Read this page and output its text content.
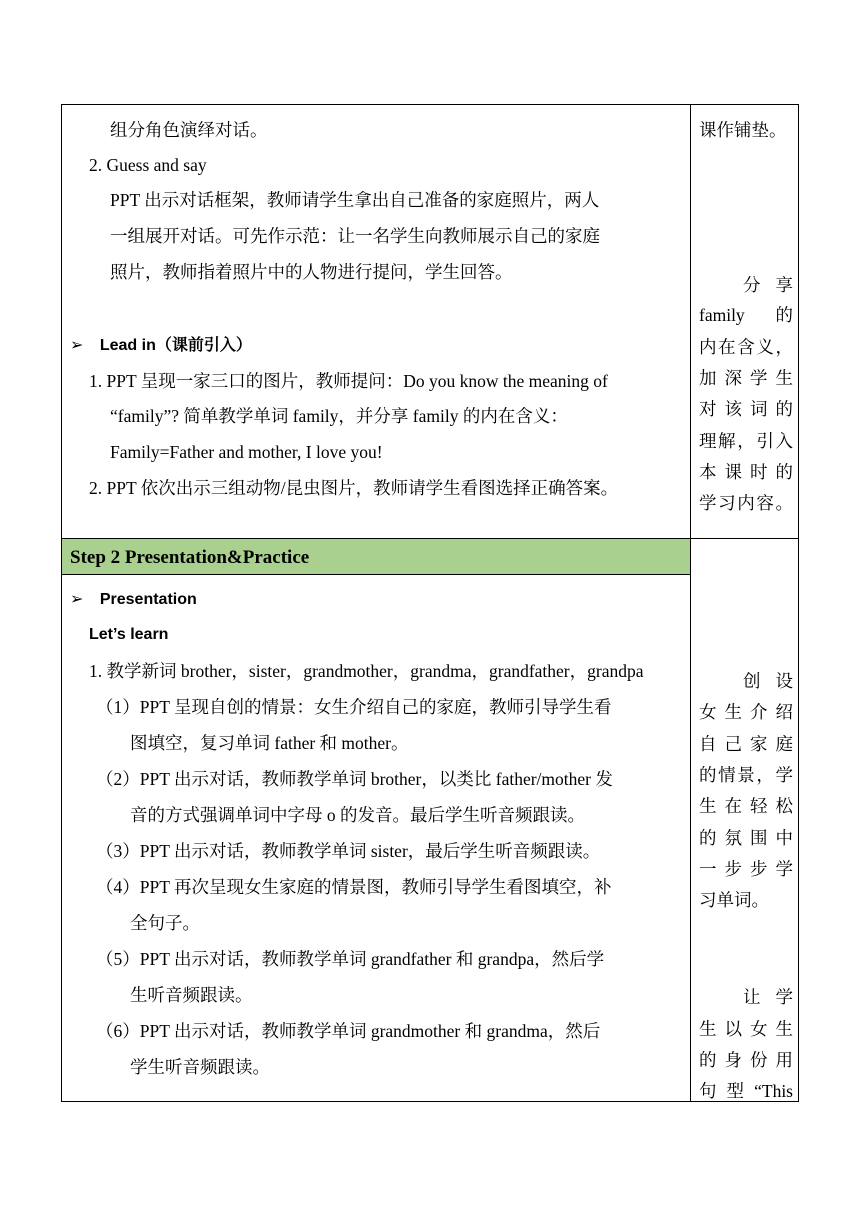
组分角色演绎对话。
2. Guess and say
PPT 出示对话框架，教师请学生拿出自己准备的家庭照片，两人
一组展开对话。可先作示范：让一名学生向教师展示自己的家庭
照片，教师指着照片中的人物进行提问，学生回答。
➢ Lead in（课前引入）
1. PPT 呈现一家三口的图片，教师提问：Do you know the meaning of
“family”? 简单教学单词 family，并分享 family 的内在含义：
Family=Father and mother, I love you!
2. PPT 依次出示三组动物/昆虫图片，教师请学生看图选择正确答案。
课作铺垫。
分 享
family 的
内在含义，
加深学生
对该词的
理解，引入
本课时的
学习内容。
Step 2 Presentation&Practice
➢ Presentation
Let’s learn
1. 教学新词 brother，sister，grandmother，grandma，grandfather，grandpa
（1）PPT 呈现自创的情景：女生介绍自己的家庭，教师引导学生看
图填空，复习单词 father 和 mother。
（2）PPT 出示对话，教师教学单词 brother，以类比 father/mother 发
音的方式强调单词中字母 o 的发音。最后学生听音频跟读。
（3）PPT 出示对话，教师教学单词 sister，最后学生听音频跟读。
（4）PPT 再次呈现女生家庭的情景图，教师引导学生看图填空，补
全句子。
（5）PPT 出示对话，教师教学单词 grandfather 和 grandpa，然后学
生听音频跟读。
（6）PPT 出示对话，教师教学单词 grandmother 和 grandma，然后
学生听音频跟读。
创 设
女生介绍
自己家庭
的情景，学
生在轻松
的氛围中
一步步学
习单词。
让 学
生以女生
的身份用
句型“This
